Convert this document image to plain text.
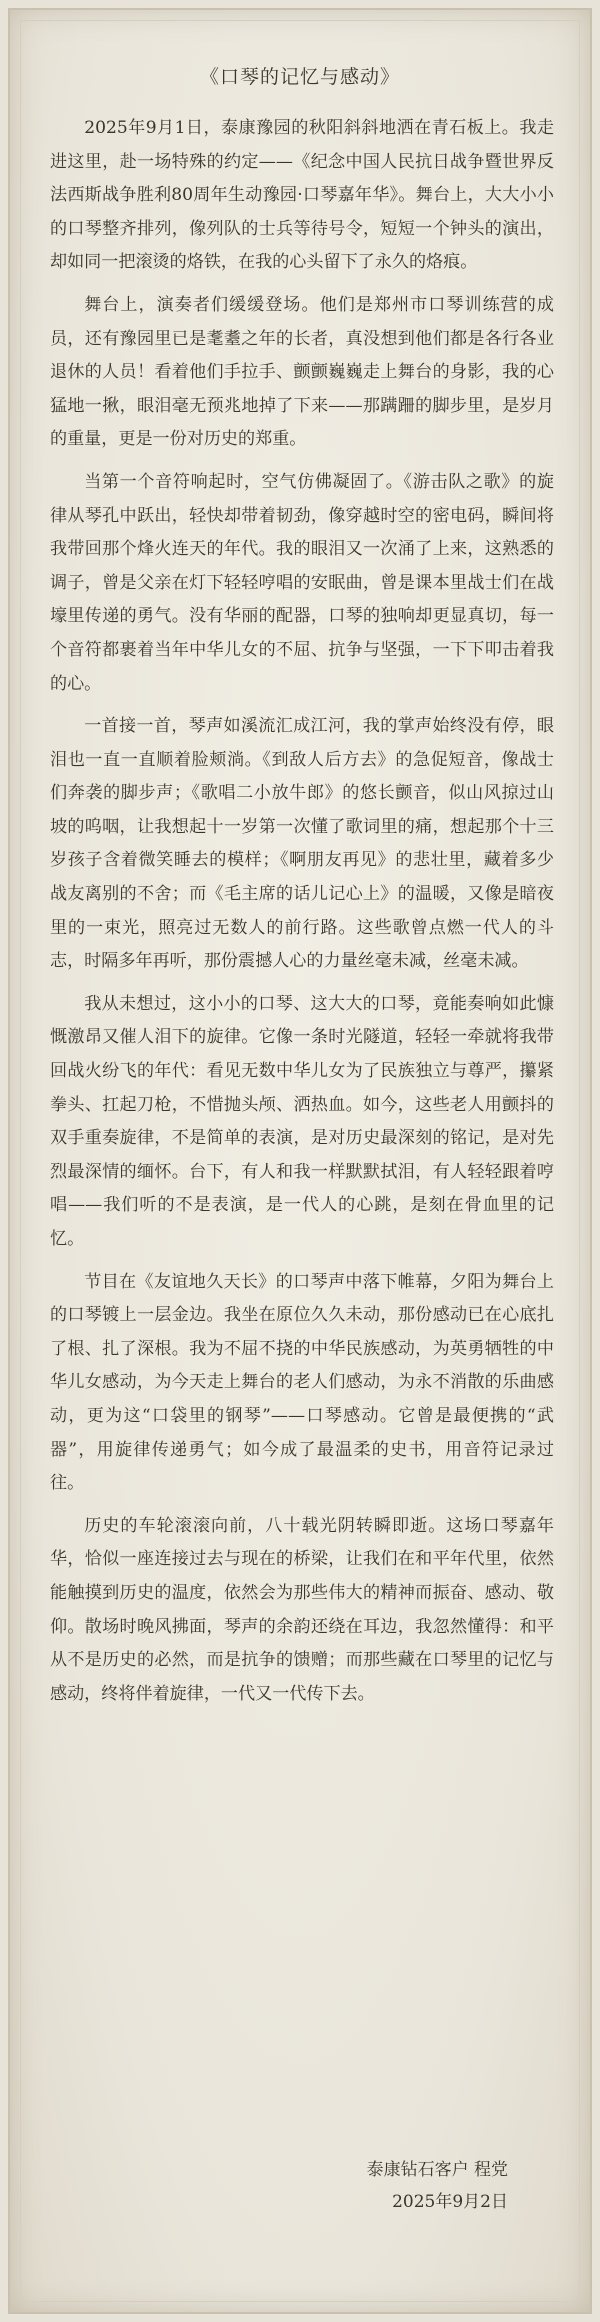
《口琴的记忆与感动》

2025年9月1日，泰康豫园的秋阳斜斜地洒在青石板上。我走进这里，赴一场特殊的约定——《纪念中国人民抗日战争暨世界反法西斯战争胜利80周年生动豫园·口琴嘉年华》。舞台上，大大小小的口琴整齐排列，像列队的士兵等待号令，短短一个钟头的演出，却如同一把滚烫的烙铁，在我的心头留下了永久的烙痕。

舞台上，演奏者们缓缓登场。他们是郑州市口琴训练营的成员，还有豫园里已是耄耋之年的长者，真没想到他们都是各行各业退休的人员！看着他们手拉手、颤颤巍巍走上舞台的身影，我的心猛地一揪，眼泪毫无预兆地掉了下来——那蹒跚的脚步里，是岁月的重量，更是一份对历史的郑重。

当第一个音符响起时，空气仿佛凝固了。《游击队之歌》的旋律从琴孔中跃出，轻快却带着韧劲，像穿越时空的密电码，瞬间将我带回那个烽火连天的年代。我的眼泪又一次涌了上来，这熟悉的调子，曾是父亲在灯下轻轻哼唱的安眠曲，曾是课本里战士们在战壕里传递的勇气。没有华丽的配器，口琴的独响却更显真切，每一个音符都裹着当年中华儿女的不屈、抗争与坚强，一下下叩击着我的心。

一首接一首，琴声如溪流汇成江河，我的掌声始终没有停，眼泪也一直一直顺着脸颊淌。《到敌人后方去》的急促短音，像战士们奔袭的脚步声；《歌唱二小放牛郎》的悠长颤音，似山风掠过山坡的呜咽，让我想起十一岁第一次懂了歌词里的痛，想起那个十三岁孩子含着微笑睡去的模样；《啊朋友再见》的悲壮里，藏着多少战友离别的不舍；而《毛主席的话儿记心上》的温暖，又像是暗夜里的一束光，照亮过无数人的前行路。这些歌曾点燃一代人的斗志，时隔多年再听，那份震撼人心的力量丝毫未减，丝毫未减。

我从未想过，这小小的口琴、这大大的口琴，竟能奏响如此慷慨激昂又催人泪下的旋律。它像一条时光隧道，轻轻一牵就将我带回战火纷飞的年代：看见无数中华儿女为了民族独立与尊严，攥紧拳头、扛起刀枪，不惜抛头颅、洒热血。如今，这些老人用颤抖的双手重奏旋律，不是简单的表演，是对历史最深刻的铭记，是对先烈最深情的缅怀。台下，有人和我一样默默拭泪，有人轻轻跟着哼唱——我们听的不是表演，是一代人的心跳，是刻在骨血里的记忆。

节目在《友谊地久天长》的口琴声中落下帷幕，夕阳为舞台上的口琴镀上一层金边。我坐在原位久久未动，那份感动已在心底扎了根、扎了深根。我为不屈不挠的中华民族感动，为英勇牺牲的中华儿女感动，为今天走上舞台的老人们感动，为永不消散的乐曲感动，更为这“口袋里的钢琴”——口琴感动。它曾是最便携的“武器”，用旋律传递勇气；如今成了最温柔的史书，用音符记录过往。

历史的车轮滚滚向前，八十载光阴转瞬即逝。这场口琴嘉年华，恰似一座连接过去与现在的桥梁，让我们在和平年代里，依然能触摸到历史的温度，依然会为那些伟大的精神而振奋、感动、敬仰。散场时晚风拂面，琴声的余韵还绕在耳边，我忽然懂得：和平从不是历史的必然，而是抗争的馈赠；而那些藏在口琴里的记忆与感动，终将伴着旋律，一代又一代传下去。

泰康钻石客户 程党
2025年9月2日
